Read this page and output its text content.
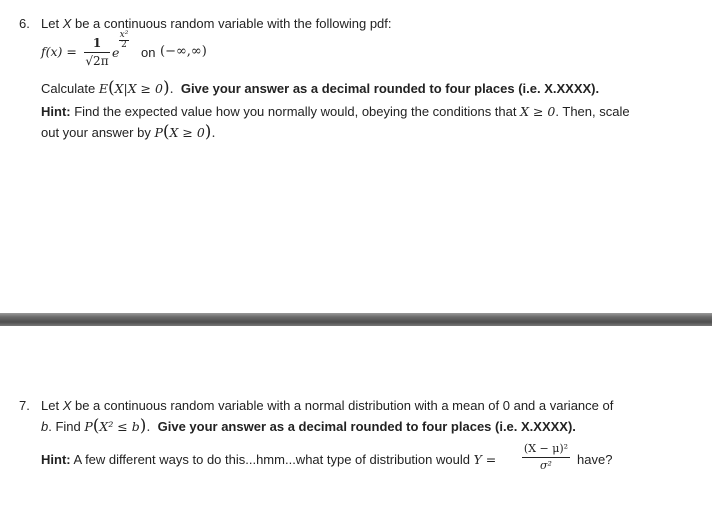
6. Let X be a continuous random variable with the following pdf:
f(x) =
1
√2π
e
x²
2	on (−∞,∞)
Calculate E(X|X ≥ 0). Give your answer as a decimal rounded to four places (i.e. X.XXXX).
Hint: Find the expected value how you normally would, obeying the conditions that X ≥ 0. Then, scale
out your answer by P(X ≥ 0).
7. Let X be a continuous random variable with a normal distribution with a mean of 0 and a variance of
b. Find P(X² ≤ b). Give your answer as a decimal rounded to four places (i.e. X.XXXX).
Hint: A few different ways to do this...hmm...what type of distribution would Y =
(X − μ)²
σ²	have?
